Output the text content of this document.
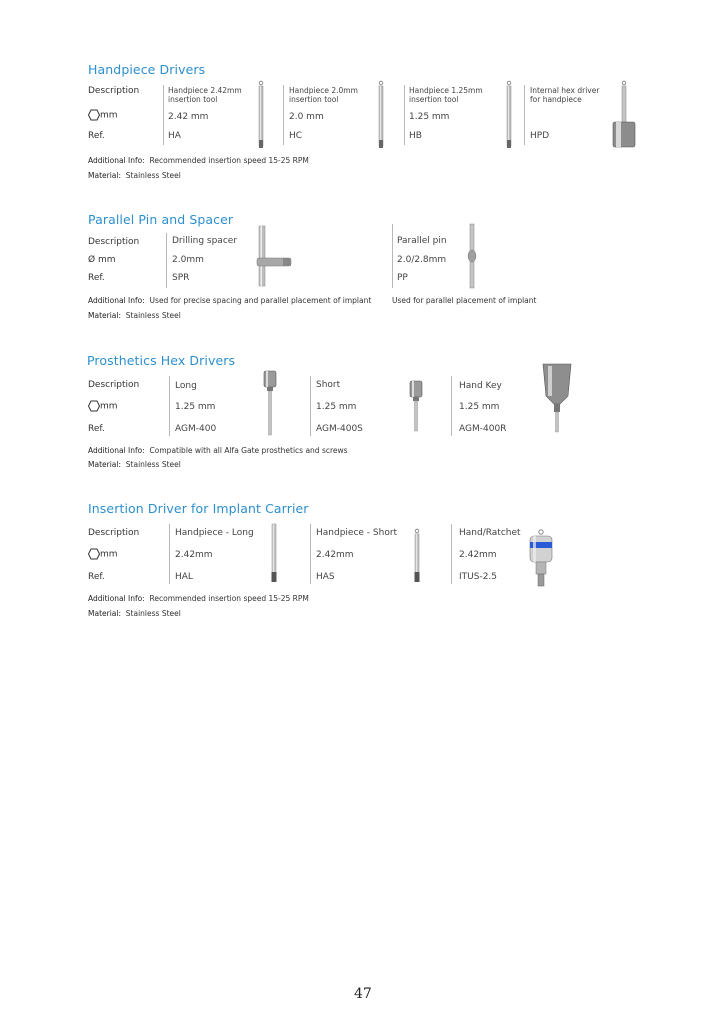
Handpiece Drivers
Description
mm
Ref.
Handpiece 2.42mm
insertion tool
2.42 mm
HA
Handpiece 2.0mm
insertion tool
2.0 mm
HC
Handpiece 1.25mm
insertion tool
1.25 mm
HB
Internal hex driver
for handpiece
HPD
Additional Info: Recommended insertion speed 15-25 RPM
Material: Stainless Steel
Parallel Pin and Spacer
Description
Ø mm
Ref.
Drilling spacer
2.0mm
SPR
Parallel pin
2.0/2.8mm
PP
Additional Info: Used for precise spacing and parallel placement of implant	Used for parallel placement of implant
Material: Stainless Steel
Prosthetics Hex Drivers
Description
mm
Ref.
Long
1.25 mm
AGM-400
Short
1.25 mm
AGM-400S
Hand Key
1.25 mm
AGM-400R
Additional Info: Compatible with all Alfa Gate prosthetics and screws
Material: Stainless Steel
Insertion Driver for Implant Carrier
Description
mm
Ref.
Handpiece - Long
2.42mm
HAL
Handpiece - Short
2.42mm
HAS
Hand/Ratchet
2.42mm
ITUS-2.5
Additional Info: Recommended insertion speed 15-25 RPM
Material: Stainless Steel
47
